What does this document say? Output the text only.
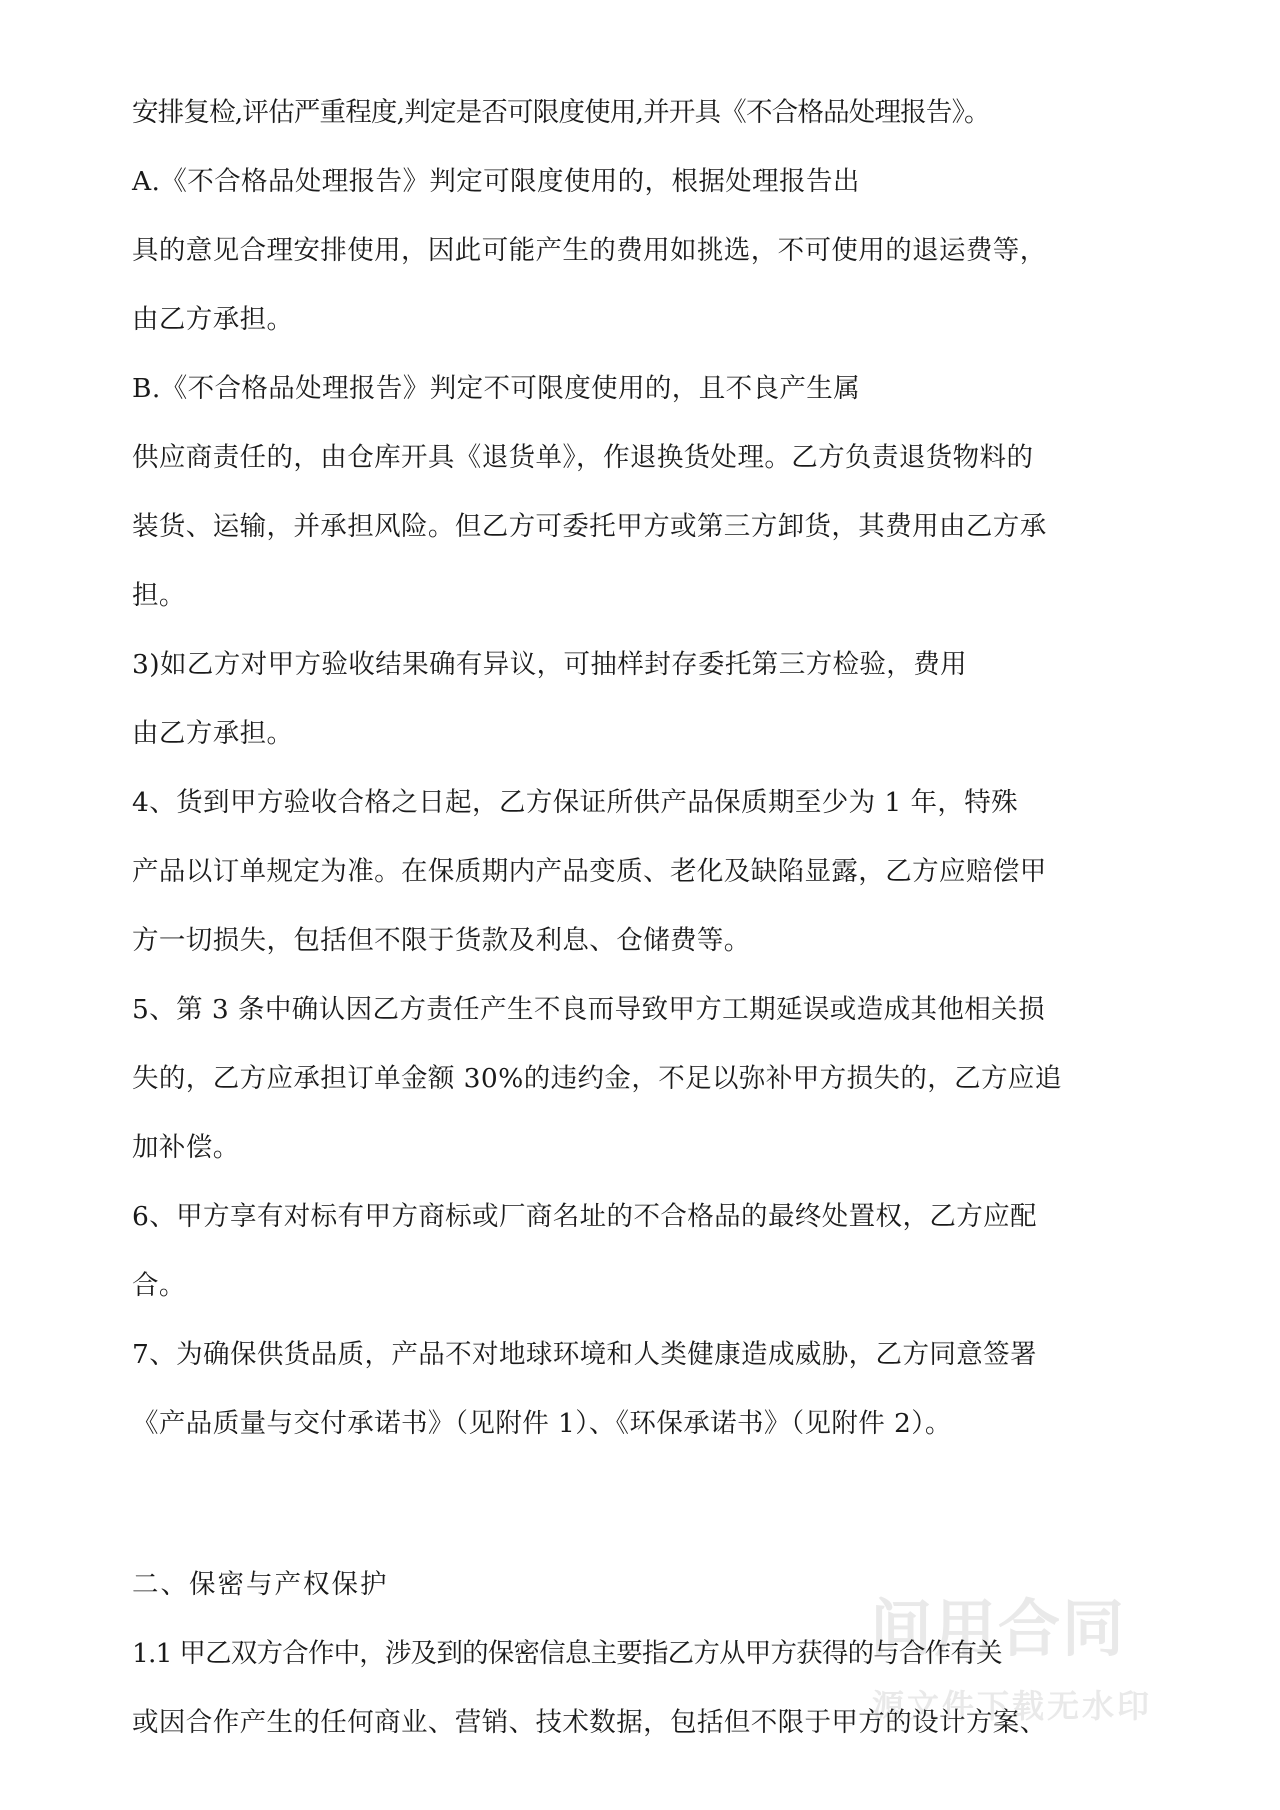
间用合同
源文件下载无水印

安排复检,评估严重程度,判定是否可限度使用,并开具《不合格品处理报告》。

A.《不合格品处理报告》判定可限度使用的，根据处理报告出

具的意见合理安排使用，因此可能产生的费用如挑选，不可使用的退运费等，

由乙方承担。

B.《不合格品处理报告》判定不可限度使用的，且不良产生属

供应商责任的，由仓库开具《退货单》，作退换货处理。乙方负责退货物料的

装货、运输，并承担风险。但乙方可委托甲方或第三方卸货，其费用由乙方承

担。

3)如乙方对甲方验收结果确有异议，可抽样封存委托第三方检验，费用

由乙方承担。

4、货到甲方验收合格之日起，乙方保证所供产品保质期至少为 1 年，特殊

产品以订单规定为准。在保质期内产品变质、老化及缺陷显露，乙方应赔偿甲

方一切损失，包括但不限于货款及利息、仓储费等。

5、第 3 条中确认因乙方责任产生不良而导致甲方工期延误或造成其他相关损

失的，乙方应承担订单金额 30%的违约金，不足以弥补甲方损失的，乙方应追

加补偿。

6、甲方享有对标有甲方商标或厂商名址的不合格品的最终处置权，乙方应配

合。

7、为确保供货品质，产品不对地球环境和人类健康造成威胁，乙方同意签署

《产品质量与交付承诺书》（见附件 1）、《环保承诺书》（见附件 2）。

二、保密与产权保护

1.1 甲乙双方合作中，涉及到的保密信息主要指乙方从甲方获得的与合作有关

或因合作产生的任何商业、营销、技术数据，包括但不限于甲方的设计方案、
